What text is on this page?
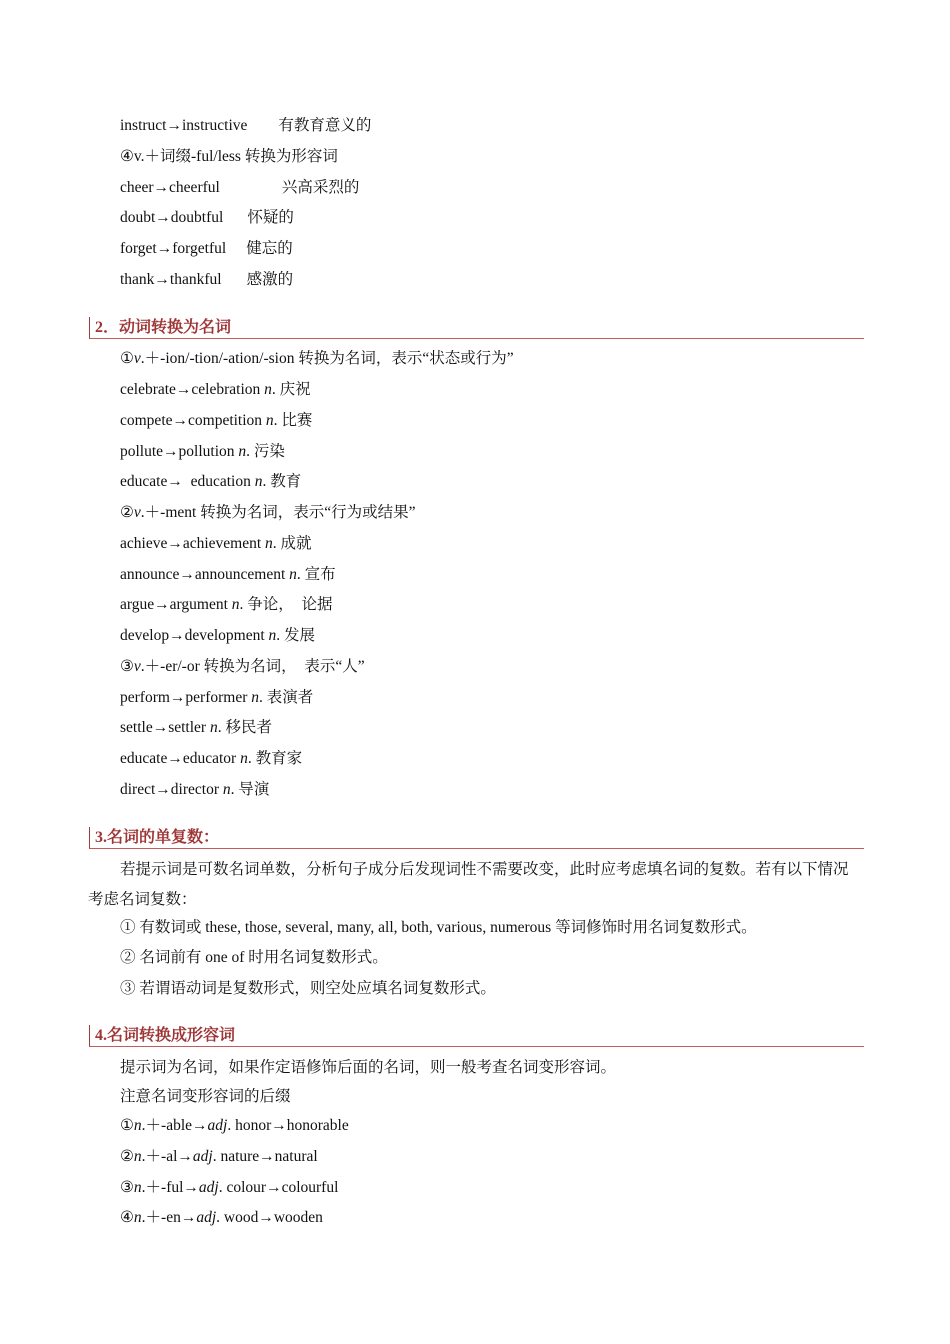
instruct→instructive 有教育意义的
④v.＋词缀-ful/less 转换为形容词
cheer→cheerful	兴高采烈的
doubt→doubtful 怀疑的
forget→forgetful 健忘的
thank→thankful 感激的
2．动词转换为名词
①v.＋-ion/-tion/-ation/-sion 转换为名词，表示“状态或行为”
celebrate→celebration n. 庆祝
compete→competition n. 比赛
pollute→pollution n. 污染
educate→  education n. 教育
②v.＋-ment 转换为名词，表示“行为或结果”
achieve→achievement n. 成就
announce→announcement n. 宣布
argue→argument n. 争论，  论据
develop→development n. 发展
③v.＋-er/-or 转换为名词，  表示“人”
perform→performer n. 表演者
settle→settler n. 移民者
educate→educator n. 教育家
direct→director n. 导演
3.名词的单复数：
若提示词是可数名词单数，分析句子成分后发现词性不需要改变，此时应考虑填名词的复数。若有以下情况考虑名词复数：
① 有数词或 these, those, several, many, all, both, various, numerous 等词修饰时用名词复数形式。
② 名词前有 one of 时用名词复数形式。
③ 若谓语动词是复数形式，则空处应填名词复数形式。
4.名词转换成形容词
提示词为名词，如果作定语修饰后面的名词，则一般考查名词变形容词。
注意名词变形容词的后缀
①n.＋-able→adj. honor→honorable
②n.＋-al→adj. nature→natural
③n.＋-ful→adj. colour→colourful
④n.＋-en→adj. wood→wooden
